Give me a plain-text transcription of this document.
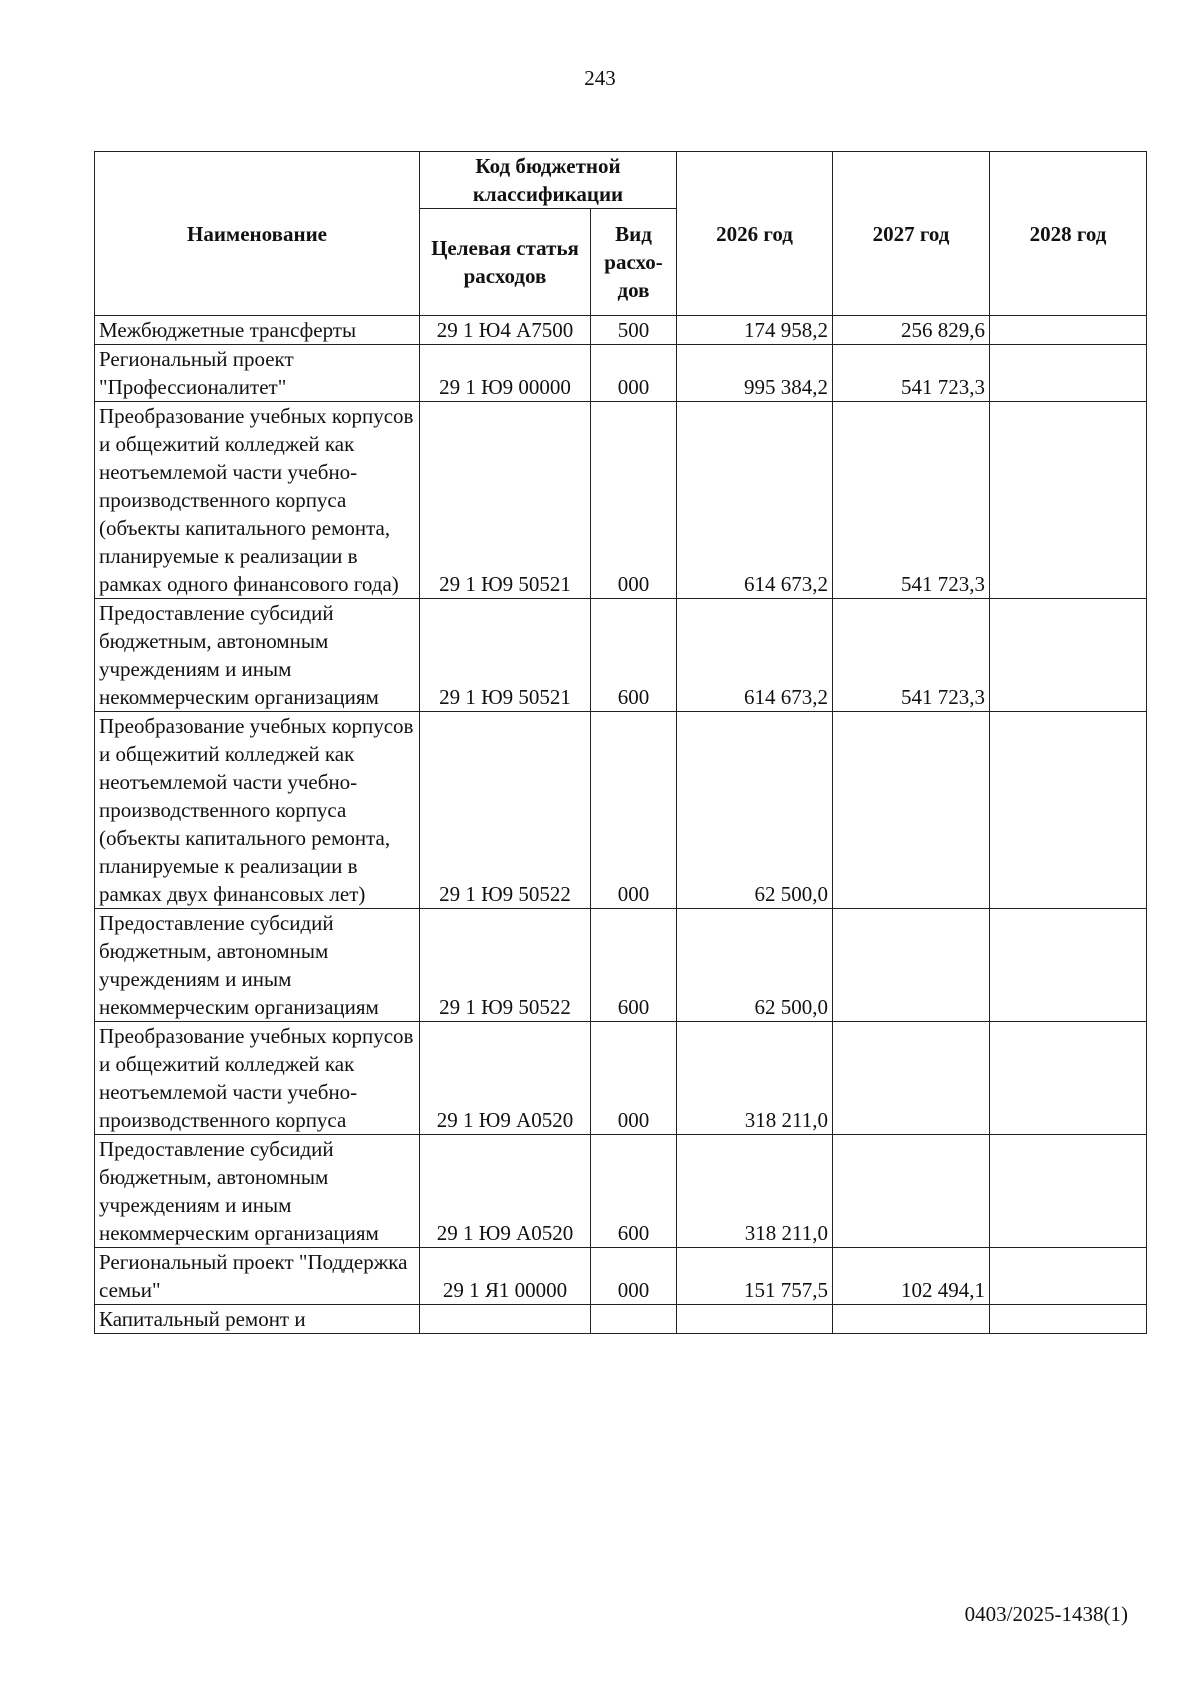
243
Наименование	Код бюджетной классификации		2026 год	2027 год	2028 год
	Целевая статья расходов	Вид расхо-дов			
Межбюджетные трансферты	29 1 Ю4 А7500	500	174 958,2	256 829,6	
Региональный проект "Профессионалитет"	29 1 Ю9 00000	000	995 384,2	541 723,3	
Преобразование учебных корпусов и общежитий колледжей как неотъемлемой части учебно-производственного корпуса (объекты капитального ремонта, планируемые к реализации в рамках одного финансового года)	29 1 Ю9 50521	000	614 673,2	541 723,3	
Предоставление субсидий бюджетным, автономным учреждениям и иным некоммерческим организациям	29 1 Ю9 50521	600	614 673,2	541 723,3	
Преобразование учебных корпусов и общежитий колледжей как неотъемлемой части учебно-производственного корпуса (объекты капитального ремонта, планируемые к реализации в рамках двух финансовых лет)	29 1 Ю9 50522	000	62 500,0		
Предоставление субсидий бюджетным, автономным учреждениям и иным некоммерческим организациям	29 1 Ю9 50522	600	62 500,0		
Преобразование учебных корпусов и общежитий колледжей как неотъемлемой части учебно-производственного корпуса	29 1 Ю9 А0520	000	318 211,0		
Предоставление субсидий бюджетным, автономным учреждениям и иным некоммерческим организациям	29 1 Ю9 А0520	600	318 211,0		
Региональный проект "Поддержка семьи"	29 1 Я1 00000	000	151 757,5	102 494,1	
Капитальный ремонт и					
0403/2025-1438(1)
